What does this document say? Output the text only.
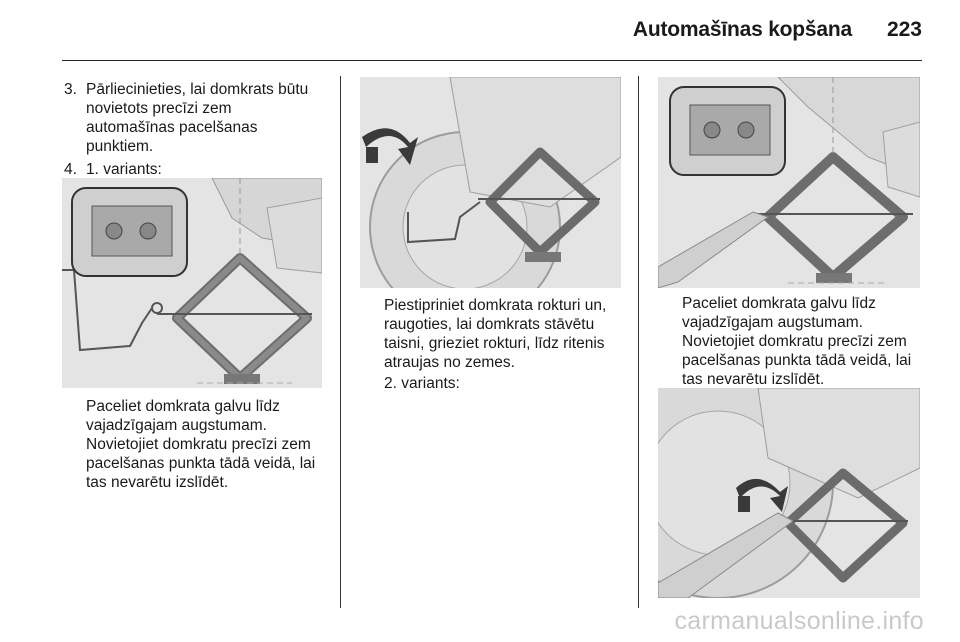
Automašīnas kopšana 223
3. Pārliecinieties, lai domkrats būtu
novietots precīzi zem
automašīnas pacelšanas
punktiem.
4. 1. variants:
Paceliet domkrata galvu līdz
vajadzīgajam augstumam.
Novietojiet domkratu precīzi zem
pacelšanas punkta tādā veidā, lai
tas nevarētu izslīdēt.
Piestipriniet domkrata rokturi un,
raugoties, lai domkrats stāvētu
taisni, grieziet rokturi, līdz ritenis
atraujas no zemes.
2. variants:
Paceliet domkrata galvu līdz
vajadzīgajam augstumam.
Novietojiet domkratu precīzi zem
pacelšanas punkta tādā veidā, lai
tas nevarētu izslīdēt.
carmanualsonline.info
